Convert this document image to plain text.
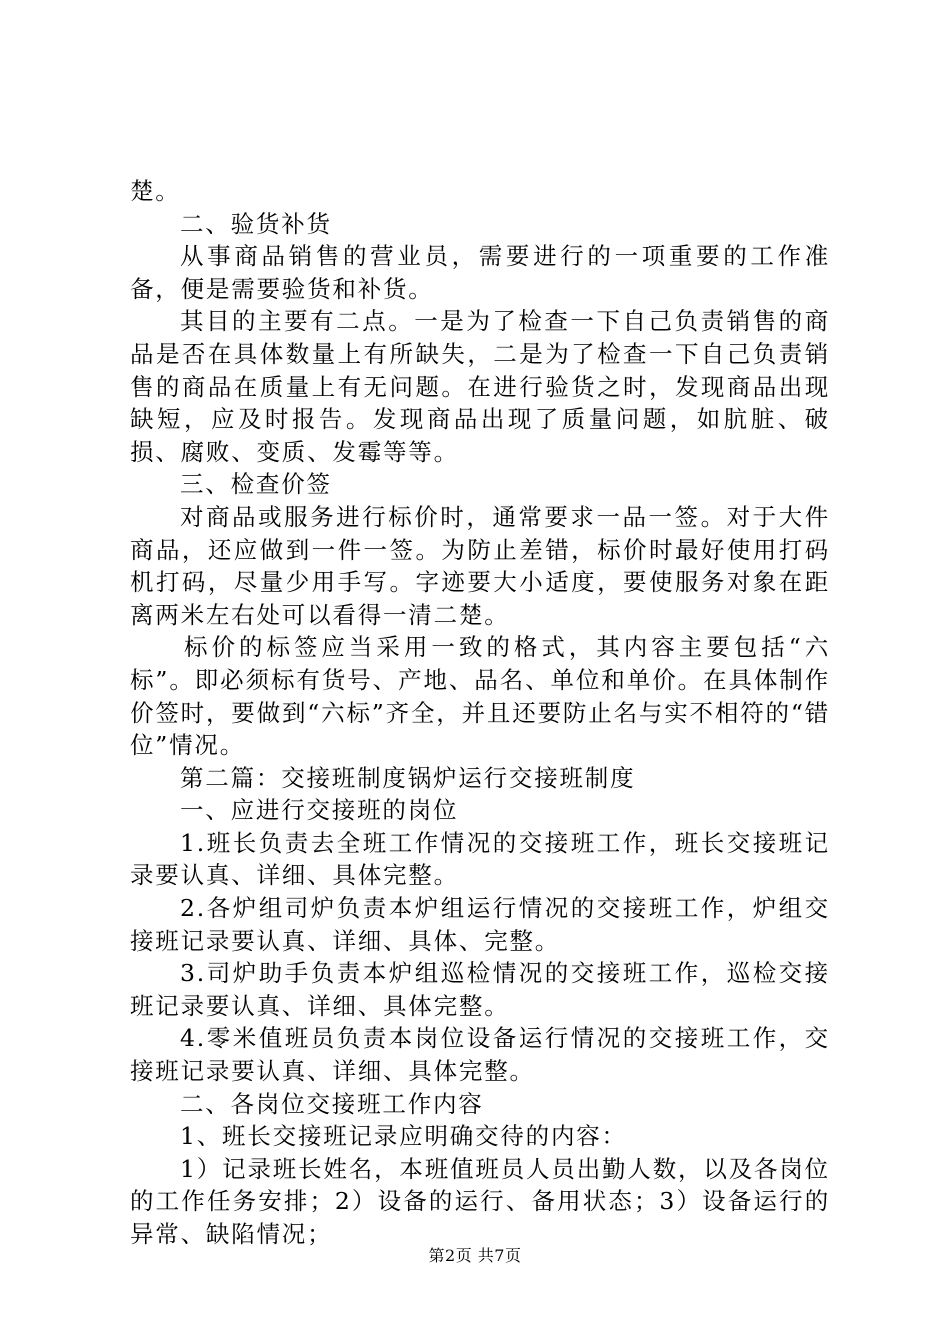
楚。

二、验货补货

从事商品销售的营业员，需要进行的一项重要的工作准备，便是需要验货和补货。

其目的主要有二点。一是为了检查一下自己负责销售的商品是否在具体数量上有所缺失，二是为了检查一下自己负责销售的商品在质量上有无问题。在进行验货之时，发现商品出现缺短，应及时报告。发现商品出现了质量问题，如肮脏、破损、腐败、变质、发霉等等。

三、检查价签

对商品或服务进行标价时，通常要求一品一签。对于大件商品，还应做到一件一签。为防止差错，标价时最好使用打码机打码，尽量少用手写。字迹要大小适度，要使服务对象在距离两米左右处可以看得一清二楚。

标价的标签应当采用一致的格式，其内容主要包括“六标”。即必须标有货号、产地、品名、单位和单价。在具体制作价签时，要做到“六标”齐全，并且还要防止名与实不相符的“错位”情况。

第二篇：交接班制度锅炉运行交接班制度

一、应进行交接班的岗位

1.班长负责去全班工作情况的交接班工作，班长交接班记录要认真、详细、具体完整。

2.各炉组司炉负责本炉组运行情况的交接班工作，炉组交接班记录要认真、详细、具体、完整。

3.司炉助手负责本炉组巡检情况的交接班工作，巡检交接班记录要认真、详细、具体完整。

4.零米值班员负责本岗位设备运行情况的交接班工作，交接班记录要认真、详细、具体完整。

二、各岗位交接班工作内容

1、班长交接班记录应明确交待的内容：

1）记录班长姓名，本班值班员人员出勤人数，以及各岗位的工作任务安排；2）设备的运行、备用状态；3）设备运行的异常、缺陷情况；

第2页 共7页
